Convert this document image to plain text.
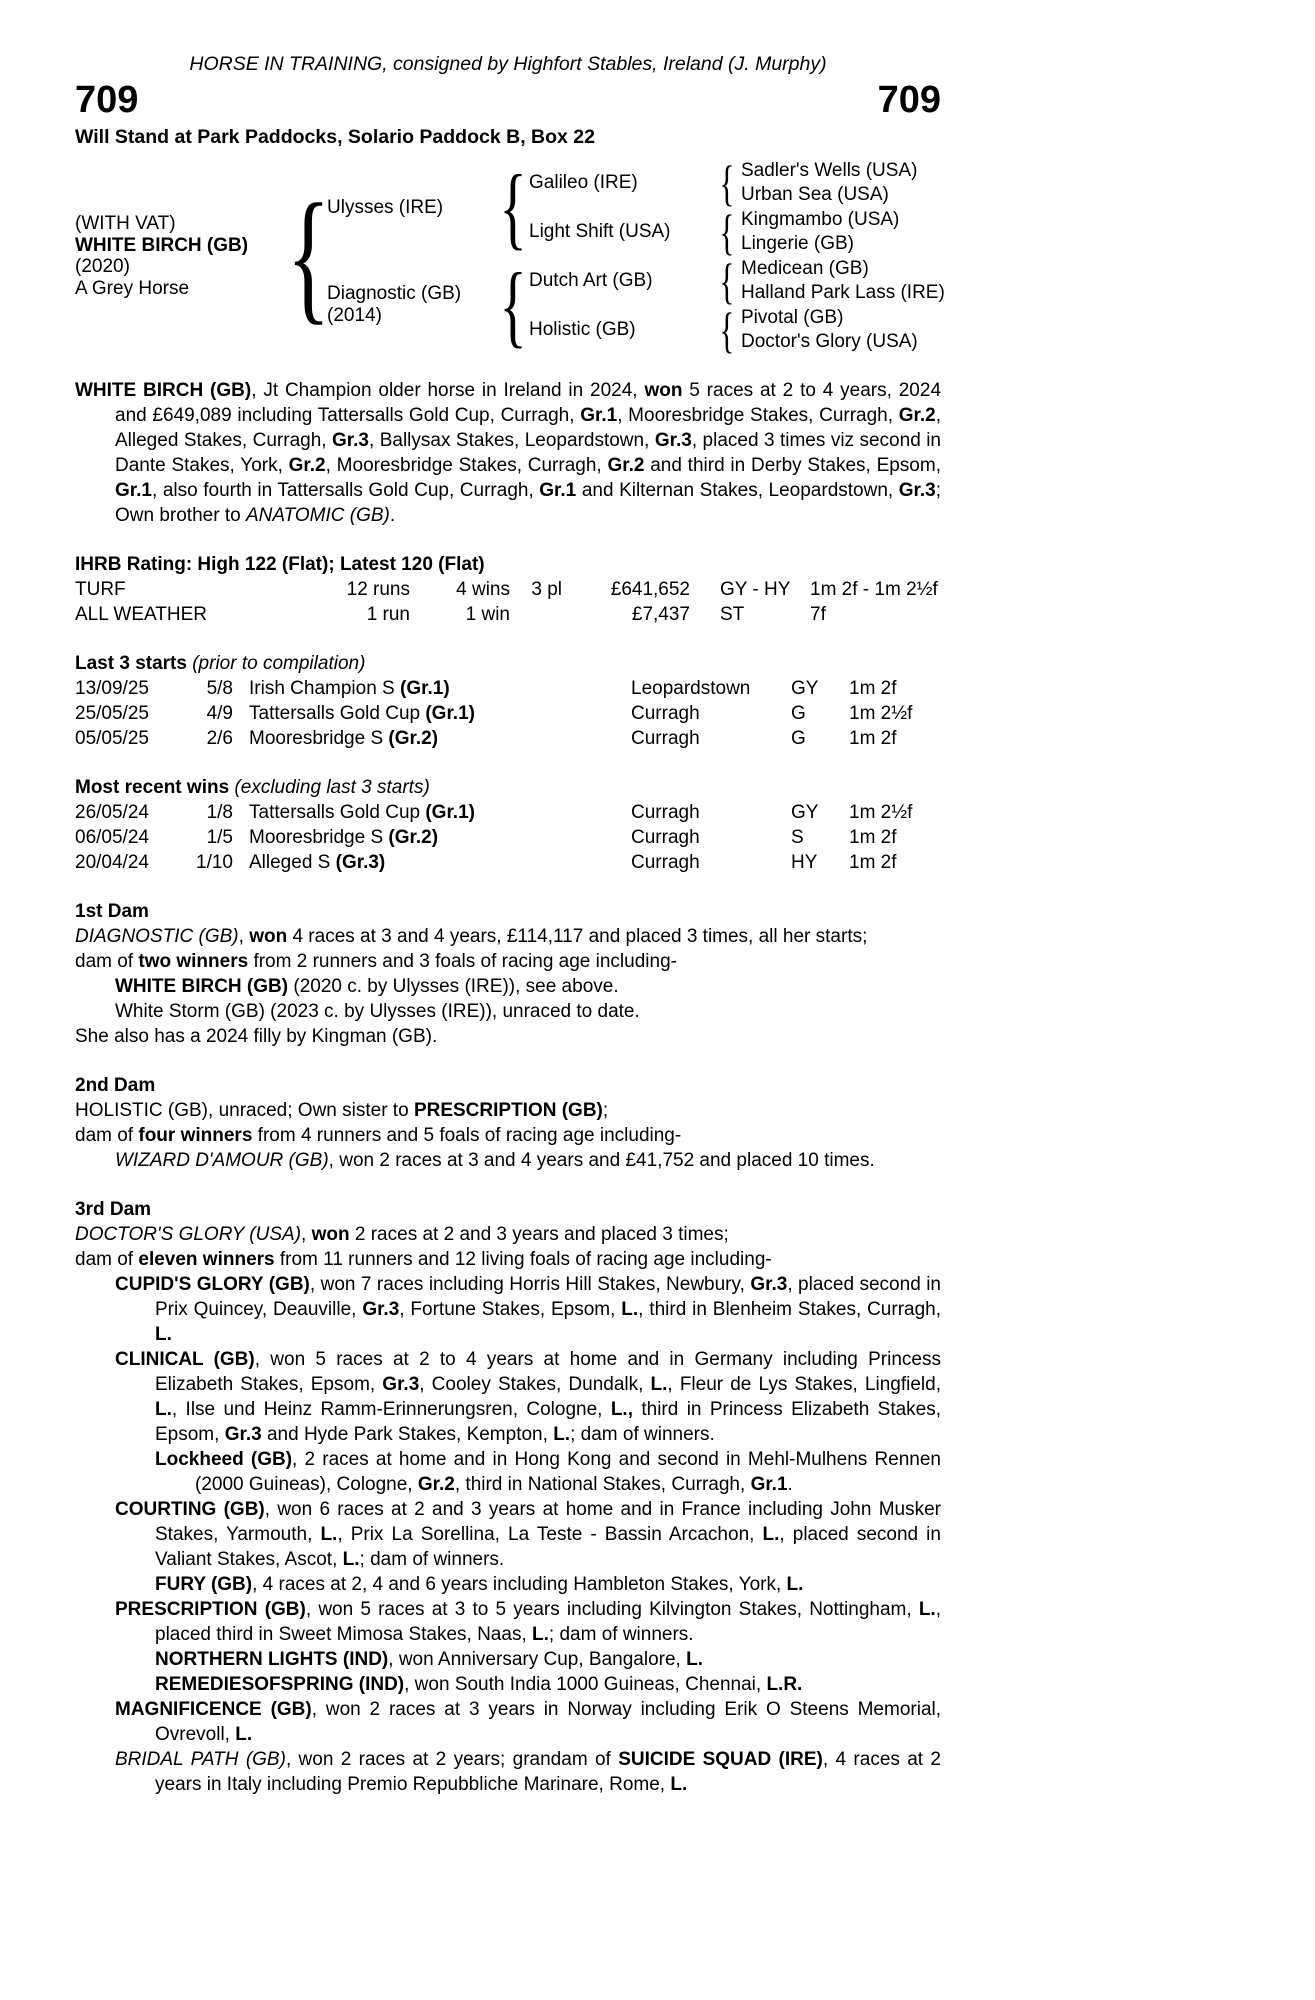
HORSE IN TRAINING, consigned by Highfort Stables, Ireland (J. Murphy)
709	709
Will Stand at Park Paddocks, Solario Paddock B, Box 22
(WITH VAT)
WHITE BIRCH (GB)
(2020)
A Grey Horse {
Ulysses (IRE)
Diagnostic (GB)
(2014)
{
{
Galileo (IRE)
Light Shift (USA)
Dutch Art (GB)
Holistic (GB)
{
{
{
{
Sadler's Wells (USA)
Urban Sea (USA)
Kingmambo (USA)
Lingerie (GB)
Medicean (GB)
Halland Park Lass (IRE)
Pivotal (GB)
Doctor's Glory (USA)
WHITE BIRCH (GB), Jt Champion older horse in Ireland in 2024, won 5 races at 2 to 4 years, 2024 and £649,089 including Tattersalls Gold Cup, Curragh, Gr.1, Mooresbridge Stakes, Curragh, Gr.2, Alleged Stakes, Curragh, Gr.3, Ballysax Stakes, Leopardstown, Gr.3, placed 3 times viz second in Dante Stakes, York, Gr.2, Mooresbridge Stakes, Curragh, Gr.2 and third in Derby Stakes, Epsom, Gr.1, also fourth in Tattersalls Gold Cup, Curragh, Gr.1 and Kilternan Stakes, Leopardstown, Gr.3; Own brother to ANATOMIC (GB).
IHRB Rating: High 122 (Flat); Latest 120 (Flat)
TURF	12 runs	4 wins	3 pl	£641,652	GY - HY	1m 2f - 1m 2½f
ALL WEATHER	1 run	1 win	£7,437	ST	7f
Last 3 starts (prior to compilation)
13/09/25	5/8 Irish Champion S (Gr.1)	Leopardstown	GY	1m 2f
25/05/25	4/9 Tattersalls Gold Cup (Gr.1)	Curragh	G	1m 2½f
05/05/25	2/6 Mooresbridge S (Gr.2)	Curragh	G	1m 2f
Most recent wins (excluding last 3 starts)
26/05/24	1/8 Tattersalls Gold Cup (Gr.1)	Curragh	GY	1m 2½f
06/05/24	1/5 Mooresbridge S (Gr.2)	Curragh	S	1m 2f
20/04/24	1/10 Alleged S (Gr.3)	Curragh	HY	1m 2f
1st Dam
DIAGNOSTIC (GB), won 4 races at 3 and 4 years, £114,117 and placed 3 times, all her starts;
dam of two winners from 2 runners and 3 foals of racing age including-
WHITE BIRCH (GB) (2020 c. by Ulysses (IRE)), see above.
White Storm (GB) (2023 c. by Ulysses (IRE)), unraced to date.
She also has a 2024 filly by Kingman (GB).
2nd Dam
HOLISTIC (GB), unraced; Own sister to PRESCRIPTION (GB);
dam of four winners from 4 runners and 5 foals of racing age including-
WIZARD D'AMOUR (GB), won 2 races at 3 and 4 years and £41,752 and placed 10 times.
3rd Dam
DOCTOR'S GLORY (USA), won 2 races at 2 and 3 years and placed 3 times;
dam of eleven winners from 11 runners and 12 living foals of racing age including-
CUPID'S GLORY (GB), won 7 races including Horris Hill Stakes, Newbury, Gr.3, placed second in Prix Quincey, Deauville, Gr.3, Fortune Stakes, Epsom, L., third in Blenheim Stakes, Curragh, L.
CLINICAL (GB), won 5 races at 2 to 4 years at home and in Germany including Princess Elizabeth Stakes, Epsom, Gr.3, Cooley Stakes, Dundalk, L., Fleur de Lys Stakes, Lingfield, L., Ilse und Heinz Ramm-Erinnerungsren, Cologne, L., third in Princess Elizabeth Stakes, Epsom, Gr.3 and Hyde Park Stakes, Kempton, L.; dam of winners.
Lockheed (GB), 2 races at home and in Hong Kong and second in Mehl-Mulhens Rennen (2000 Guineas), Cologne, Gr.2, third in National Stakes, Curragh, Gr.1.
COURTING (GB), won 6 races at 2 and 3 years at home and in France including John Musker Stakes, Yarmouth, L., Prix La Sorellina, La Teste - Bassin Arcachon, L., placed second in Valiant Stakes, Ascot, L.; dam of winners.
FURY (GB), 4 races at 2, 4 and 6 years including Hambleton Stakes, York, L.
PRESCRIPTION (GB), won 5 races at 3 to 5 years including Kilvington Stakes, Nottingham, L., placed third in Sweet Mimosa Stakes, Naas, L.; dam of winners.
NORTHERN LIGHTS (IND), won Anniversary Cup, Bangalore, L.
REMEDIESOFSPRING (IND), won South India 1000 Guineas, Chennai, L.R.
MAGNIFICENCE (GB), won 2 races at 3 years in Norway including Erik O Steens Memorial, Ovrevoll, L.
BRIDAL PATH (GB), won 2 races at 2 years; grandam of SUICIDE SQUAD (IRE), 4 races at 2 years in Italy including Premio Repubbliche Marinare, Rome, L.
